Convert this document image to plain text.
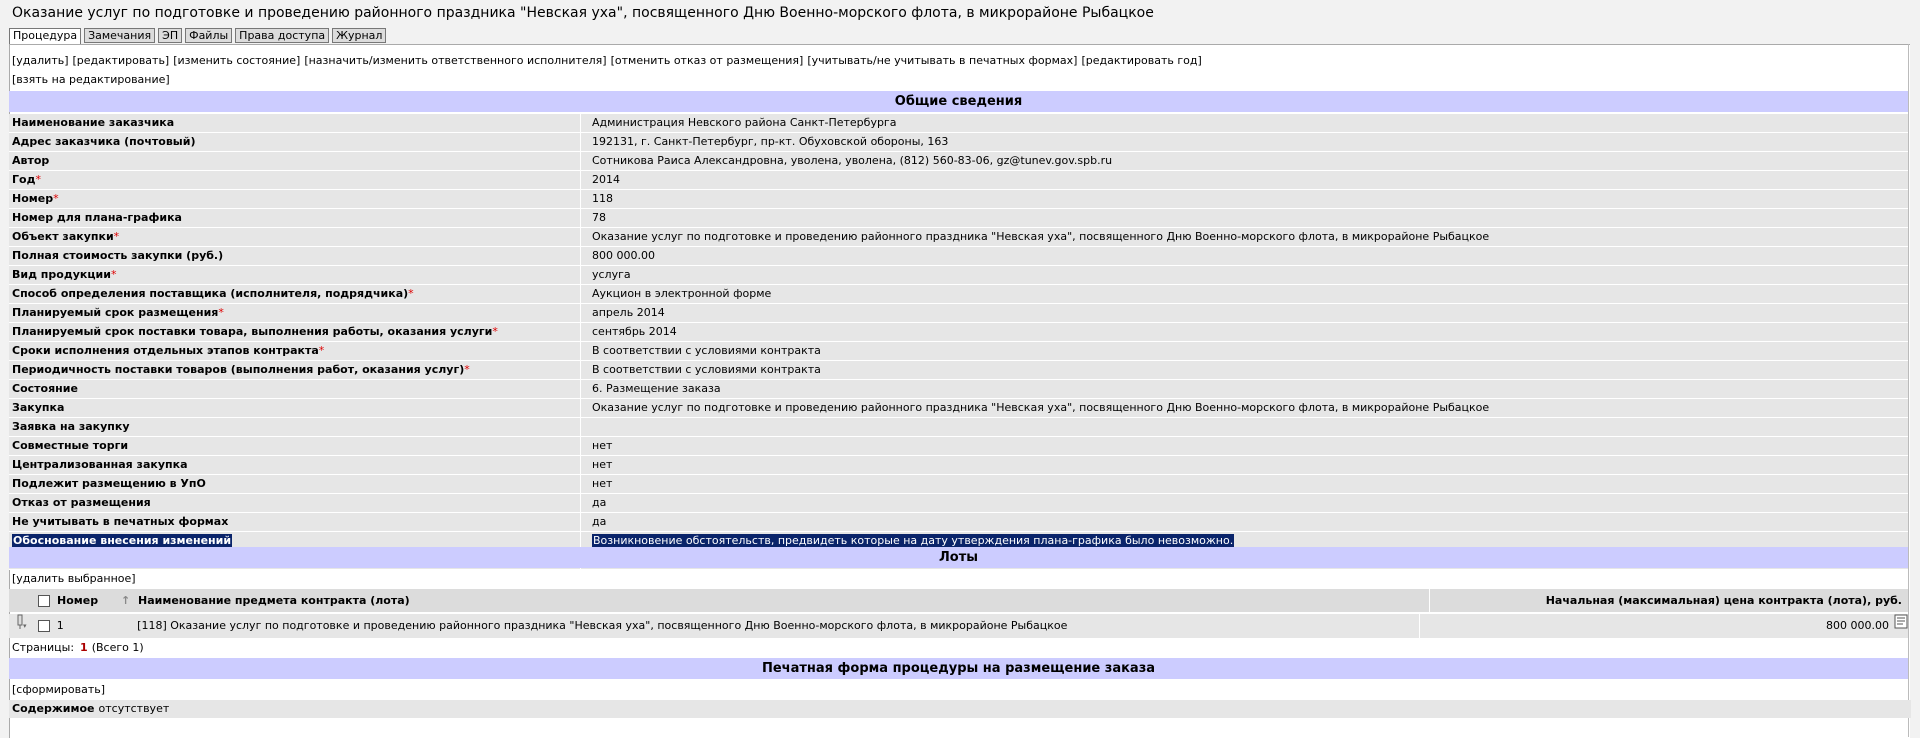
Оказание услуг по подготовке и проведению районного праздника "Невская уха", посвященного Дню Военно-морского флота, в микрорайоне Рыбацкое
Процедура Замечания ЭП Файлы Права доступа Журнал
[удалить] [редактировать] [изменить состояние] [назначить/изменить ответственного исполнителя] [отменить отказ от размещения] [учитывать/не учитывать в печатных формах] [редактировать год]
[взять на редактирование]
Общие сведения
Наименование заказчика	Администрация Невского района Санкт-Петербурга
Адрес заказчика (почтовый)	192131, г. Санкт-Петербург, пр-кт. Обуховской обороны, 163
Автор	Сотникова Раиса Александровна, уволена, уволена, (812) 560-83-06, gz@tunev.gov.spb.ru
Год*	2014
Номер*	118
Номер для плана-графика	78
Объект закупки*	Оказание услуг по подготовке и проведению районного праздника "Невская уха", посвященного Дню Военно-морского флота, в микрорайоне Рыбацкое
Полная стоимость закупки (руб.)	800 000.00
Вид продукции*	услуга
Способ определения поставщика (исполнителя, подрядчика)*	Аукцион в электронной форме
Планируемый срок размещения*	апрель 2014
Планируемый срок поставки товара, выполнения работы, оказания услуги*	сентябрь 2014
Сроки исполнения отдельных этапов контракта*	В соответствии с условиями контракта
Периодичность поставки товаров (выполнения работ, оказания услуг)*	В соответствии с условиями контракта
Состояние	6. Размещение заказа
Закупка	Оказание услуг по подготовке и проведению районного праздника "Невская уха", посвященного Дню Военно-морского флота, в микрорайоне Рыбацкое
Заявка на закупку
Совместные торги	нет
Централизованная закупка	нет
Подлежит размещению в УпО	нет
Отказ от размещения	да
Не учитывать в печатных формах	да
Обоснование внесения изменений	Возникновение обстоятельств, предвидеть которые на дату утверждения плана-графика было невозможно.
Лоты
[удалить выбранное]
Номер	↑ Наименование предмета контракта (лота)	Начальная (максимальная) цена контракта (лота), руб.
▾	1	[118] Оказание услуг по подготовке и проведению районного праздника "Невская уха", посвященного Дню Военно-морского флота, в микрорайоне Рыбацкое	800 000.00
Страницы: 1 (Всего 1)
Печатная форма процедуры на размещение заказа
[сформировать]
Содержимое отсутствует
